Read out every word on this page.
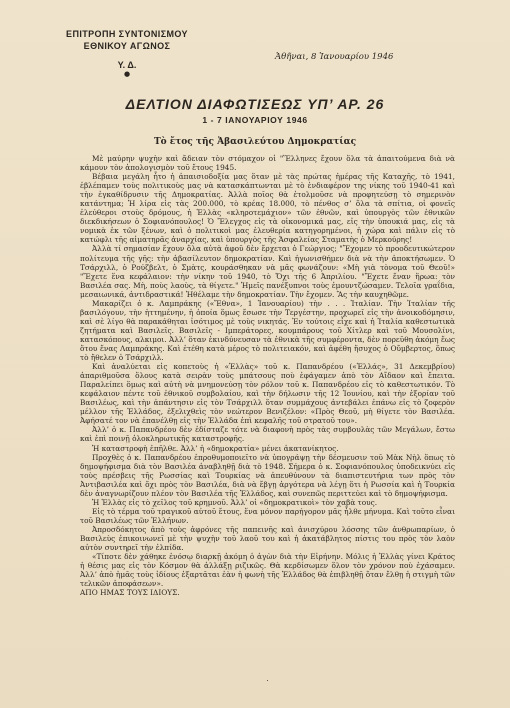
ΕΠΙΤΡΟΠΗ ΣΥΝΤΟΝΙΣΜΟΥ
ΕΘΝΙΚΟΥ ΑΓΩΝΟΣ
Υ. Δ.
●
Ἀθῆναι, 8 Ἰανουαρίου 1946
ΔΕΛΤΙΟΝ ΔΙΑΦΩΤΙΣΕΩΣ ΥΠ’ ΑΡ. 26
1 - 7 ΙΑΝΟΥΑΡΙΟΥ 1946
Τὸ ἔτος τῆς Ἀβασιλεύτου Δημοκρατίας

Μὲ μαύρην ψυχὴν καὶ ἄδειαν τὸν στόμαχον οἱ "Ἕλληνες ἔχουν ὅλα τὰ ἀπαιτούμενα διὰ νὰ κάμουν τὸν ἀπολογισμὸν τοῦ ἔτους 1945.

Βέβαια μεγάλη ἦτο ἡ ἀπαισιοδοξία μας ὅταν μὲ τὰς πρώτας ἡμέρας τῆς Καταχῆς, τὸ 1941, ἐβλέπαμεν τοὺς πολιτικοὺς μας νὰ κατασκάπτωνται μὲ τὸ ἐνδιαφέρον της νίκης τοῦ 1940-41 καὶ τὴν ἐγκαθίδρυσιν τῆς Δημοκρατίας. Ἀλλὰ ποῖος θὰ ἐτολμοῦσε νὰ προφητεύσῃ τὸ σημερινὸν κατάντημα; Ἡ λίρα εἰς τὰς 200.000, τὸ κρέας 18.000, τὸ πένθος σ’ ὅλα τὰ σπίτια, οἱ φονεῖς ἐλεύθεροι στοὺς δρόμους, ἡ Ἑλλὰς «κληροτεμάχιον» τῶν ἐθνῶν, καὶ ὑπουργὸς τῶν ἐθνικῶν διεκδικήσεων ὁ Σοφιανόπουλος! Ὁ Ἔλεγχος εἰς τὰ οἰκονομικά μας, εἰς τὴν ὑπουκιά μας, εἰς τὰ νομικὰ ἐκ τῶν ξένων, καὶ ὁ πολιτικοὶ μας ἐλευθερία κατηγορημένοι, ἡ χώρα καὶ πάλιν εἰς τὸ κατώφλι τῆς αἱματηρᾶς ἀναρχίας, καὶ ὑπουργὸς τῆς Ἀσφαλείας Σταματὴς ὁ Μερκούρης!

Ἀλλὰ τί σημασίαν ἔχουν ὅλα αὐτὰ ἀφοῦ δὲν ἔρχεται ὁ Γεώργιος; "Ἔχομεν τὸ προοδευτικώτερον πολίτευμα τῆς γῆς: τὴν ἀβασίλευτον δημοκρατίαν. Καὶ ἠγωνισθήμεν διὰ νὰ τὴν ἀποκτήσωμεν. Ὁ Τσάρχιλλ, ὁ Ρούζβελτ, ὁ Σμὰτς, κουράσθηκαν νὰ μᾶς φωνάζουν: «Μὴ γιὰ τὸνομα τοῦ Θεοῦ!» "Ἔχετε ἕνα κεφάλαιον: τὴν νίκην τοῦ 1940, τὸ Ὄχι τῆς 6 Ἀπριλίου. "Ἔχετε ἕναν ἥρωα: τὸν Βασιλέα σας. Μὴ, ποὺς λαοὺς, τὰ θίγετε." Ἡμεῖς πανέξυπνοι τοὺς ἐμουντζώσαμεν. Τελοῖα γραΐδια, μεσαιωνικά, ἀντιδραστικά! Ἠθέλαμε τὴν δημοκρατίαν. Τὴν ἔχομεν. Ἂς τὴν καυχηθῶμε.

Μακαρίζει ὁ κ. Λαμπράκης («Ἔθνα», 1 Ἰανουαρίου) τὴν . . . Ἰταλίαν. Τὴν Ἰταλίαν τῆς βασιλόγουν, τὴν ἡττημένην, ἡ ὁποία ὅμως ἔσωσε τὴν Τεργέστην, προχωρεῖ εἰς τὴν ἀνοικοδόμησιν, καὶ σὲ λίγο θὰ παρακάθηται ἰσότιμος μὲ τοὺς νικητάς. Ἐν τούτοις εἶχε καὶ ἡ Ἰταλία καθεστωτικὰ ζητήματα καὶ Βασιλεῖς. Βασιλεῖς - Ιμπεράτορες, κουμπάρους τοῦ Χίτλερ καὶ τοῦ Μουσολίνι, κατασκόπους, αλκιμοι. Ἀλλ’ ὅταν ἐκινδύνευσαν τὰ ἐθνικὰ τῆς συμφέροντα, δὲν πορεῦθη ἀκόμη ἕως ὅτου ἕνας Λαμπράκης. Καὶ ἐτέθη κατὰ μέρος τὸ πολιτειακόν, καὶ ἀφέθη ἥσυχος ὁ Οὔμβερτος, ὅπως τὸ ἤθελεν ὁ Τσάρχιλλ.

Καὶ ἀναλύεται εἰς κοπετοὺς ἡ «Ἑλλὰς» τοῦ κ. Παπανδρέου («Ἑλλάς», 31 Δεκεμβρίου) ἀπαριθμοῦσα ὅλους κατὰ σειρὰν τοὺς μπάτσους ποὺ ἐφάγαμεν ἀπὸ τὸν Αἴδαον καὶ ἔπειτα. Παραλείπει ὅμως καὶ αὐτὴ νὰ μνημονεύσῃ τὸν ρόλον τοῦ κ. Παπανδρέου εἰς τὸ καθεστωτικόν. Τὸ κεφάλαιον πέντε τοῦ ἐθνικοῦ συμβολαίου, καὶ τὴν δήλωσιν τῆς 12 Ἰουνίου, καὶ τὴν ἐξορίαν τοῦ Βασιλέως, καὶ τὴν ἀπάντησιν εἰς τὸν Τσάρχιλλ ὅταν συμμάχους ἀντεβάλει ἐπάνω εἰς τὸ ζοφερὸν μέλλον τῆς Ἑλλάδος, ἐξελιχθεὶς τὸν νεώτερον Βενιζέλον: «Πρὸς Θεοῦ, μὴ θίγετε τὸν Βασιλέα. Ἀφήσατέ τον νὰ ἐπανέλθῃ εἰς τὴν Ἑλλάδα ἐπὶ κεφαλῆς τοῦ στρατοῦ του».

Ἀλλ’ ὁ κ. Παπανδρέου δὲν ἐδίσταζε τότε νὰ διαφονὴ πρὸς τὰς συμβουλὰς τῶν Μεγάλων, ἔστω καὶ ἐπὶ ποινῇ ὁλοκληρωτικῆς καταστροφῆς.

Ἡ καταστροφὴ ἐπῆλθε. Ἀλλ’ ἡ «δημοκρατία» μένει ἀκατανίκητος.

Προχθὲς ὁ κ. Παπανδρέου ἐπροθυμοποιεῖτο νὰ ὑπογράψῃ τὴν δέσμευσιν τοῦ Μὰκ Νὴλ ὅπως τὸ δημοψήφισμα διὰ τὸν Βασιλέα ἀναβληθῇ διὰ τὸ 1948. Σήμερα ὁ κ. Σοφιανόπουλος ὑποδεικνύει εἰς τοὺς πρέσβεις τῆς Ρωσσίας καὶ Τουρκίας νὰ ἀπευθύνουν τὰ διαπιστευτήρια των πρὸς τὸν Ἀντιβασιλέα καὶ ὄχι πρὸς τὸν Βασιλέα, διὰ νὰ ἔβγῃ ἀργότερα νὰ λέγῃ ὅτι ἡ Ρωσσία καὶ ἡ Τουρκία δὲν ἀναγνωρίζουν πλέον τὸν Βασιλέα τῆς Ἑλλάδος, καὶ συνεπῶς περιττεύει καὶ τὸ δημοψήφισμα.

Ἡ Ἑλλὰς εἰς τὸ χεῖλος τοῦ κρημνοῦ. Ἀλλ’ οἱ «δημοκρατικοὶ» τὸν χαβὰ τους.

Εἰς τὸ τέρμα τοῦ τραγικοῦ αὐτοῦ ἔτους, ἕνα μόνον παρήγορον μᾶς ἦλθε μήνυμα. Καὶ τοῦτο εἶναι τοῦ Βασιλέως τῶν Ἑλλήνων.

Ἀπροσδόκητος ἀπὸ τοὺς ἀφρόνες τῆς παπεινῆς καὶ ἀνισχύρου λόσσης τῶν ἀνθρωπαρίων, ὁ Βασιλεὺς ἐπικοινωνεῖ μὲ τὴν ψυχὴν τοῦ λαοῦ του καὶ ἡ ἀκατάβλητος πίστις του πρὸς τὸν λαὸν αὐτὸν συντηρεῖ τὴν ἐλπίδα.

«Τίποτε δὲν χάθηκε ἐνόσῳ διαρκῇ ἀκόμη ὁ ἀγὼν διὰ τὴν Εἰρήνην. Μόλις ἡ Ἑλλὰς γίνει Κράτος ἡ θέσις μας εἰς τὸν Κόσμον θὰ ἀλλάξῃ ριζικῶς. Θὰ κερδίσωμεν ὅλον τὸν χρόνον ποὺ ἐχάσαμεν. Ἀλλ’ ἀπὸ ἡμᾶς τοὺς ἰδίους ἐξαρτᾶται ἐὰν ἡ φωνὴ τῆς Ἑλλάδος θὰ ἐπιβληθῇ ὅταν ἔλθῃ ἡ στιγμὴ τῶν τελικῶν ἀποφάσεων».

ΑΠΟ ΗΜΑΣ ΤΟΥΣ ΙΔΙΟΥΣ.

.
